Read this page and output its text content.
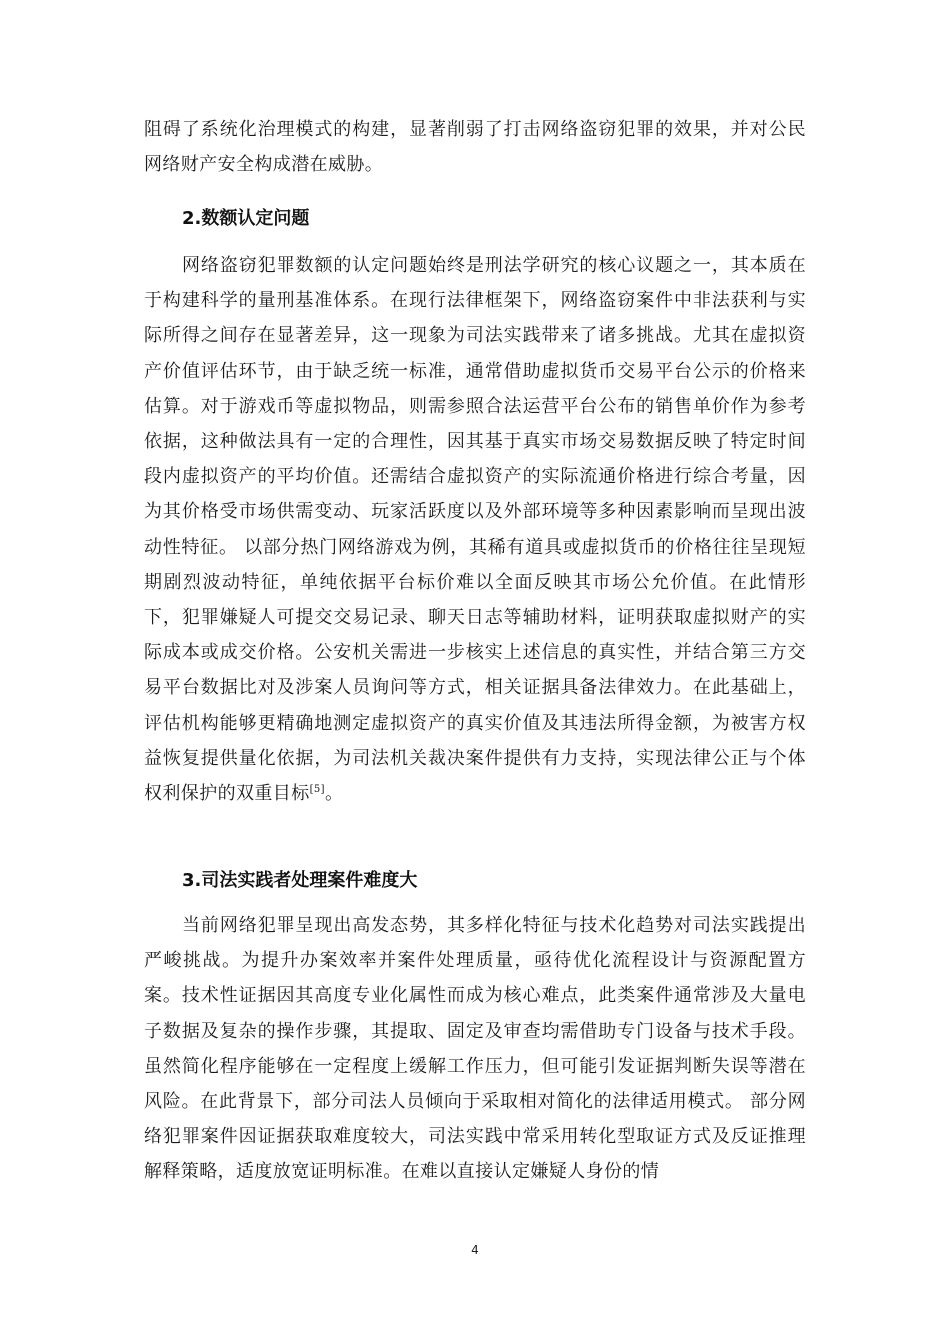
阻碍了系统化治理模式的构建，显著削弱了打击网络盗窃犯罪的效果，并对公民网络财产安全构成潜在威胁。

2.数额认定问题

网络盗窃犯罪数额的认定问题始终是刑法学研究的核心议题之一，其本质在于构建科学的量刑基准体系。在现行法律框架下，网络盗窃案件中非法获利与实际所得之间存在显著差异，这一现象为司法实践带来了诸多挑战。尤其在虚拟资产价值评估环节，由于缺乏统一标准，通常借助虚拟货币交易平台公示的价格来估算。对于游戏币等虚拟物品，则需参照合法运营平台公布的销售单价作为参考依据，这种做法具有一定的合理性，因其基于真实市场交易数据反映了特定时间段内虚拟资产的平均价值。还需结合虚拟资产的实际流通价格进行综合考量，因为其价格受市场供需变动、玩家活跃度以及外部环境等多种因素影响而呈现出波动性特征。 以部分热门网络游戏为例，其稀有道具或虚拟货币的价格往往呈现短期剧烈波动特征，单纯依据平台标价难以全面反映其市场公允价值。在此情形下，犯罪嫌疑人可提交交易记录、聊天日志等辅助材料，证明获取虚拟财产的实际成本或成交价格。公安机关需进一步核实上述信息的真实性，并结合第三方交易平台数据比对及涉案人员询问等方式，相关证据具备法律效力。在此基础上，评估机构能够更精确地测定虚拟资产的真实价值及其违法所得金额，为被害方权益恢复提供量化依据，为司法机关裁决案件提供有力支持，实现法律公正与个体权利保护的双重目标[5]。

3.司法实践者处理案件难度大

当前网络犯罪呈现出高发态势，其多样化特征与技术化趋势对司法实践提出严峻挑战。为提升办案效率并案件处理质量，亟待优化流程设计与资源配置方案。技术性证据因其高度专业化属性而成为核心难点，此类案件通常涉及大量电子数据及复杂的操作步骤，其提取、固定及审查均需借助专门设备与技术手段。虽然简化程序能够在一定程度上缓解工作压力，但可能引发证据判断失误等潜在风险。在此背景下，部分司法人员倾向于采取相对简化的法律适用模式。 部分网络犯罪案件因证据获取难度较大，司法实践中常采用转化型取证方式及反证推理解释策略，适度放宽证明标准。在难以直接认定嫌疑人身份的情

4
